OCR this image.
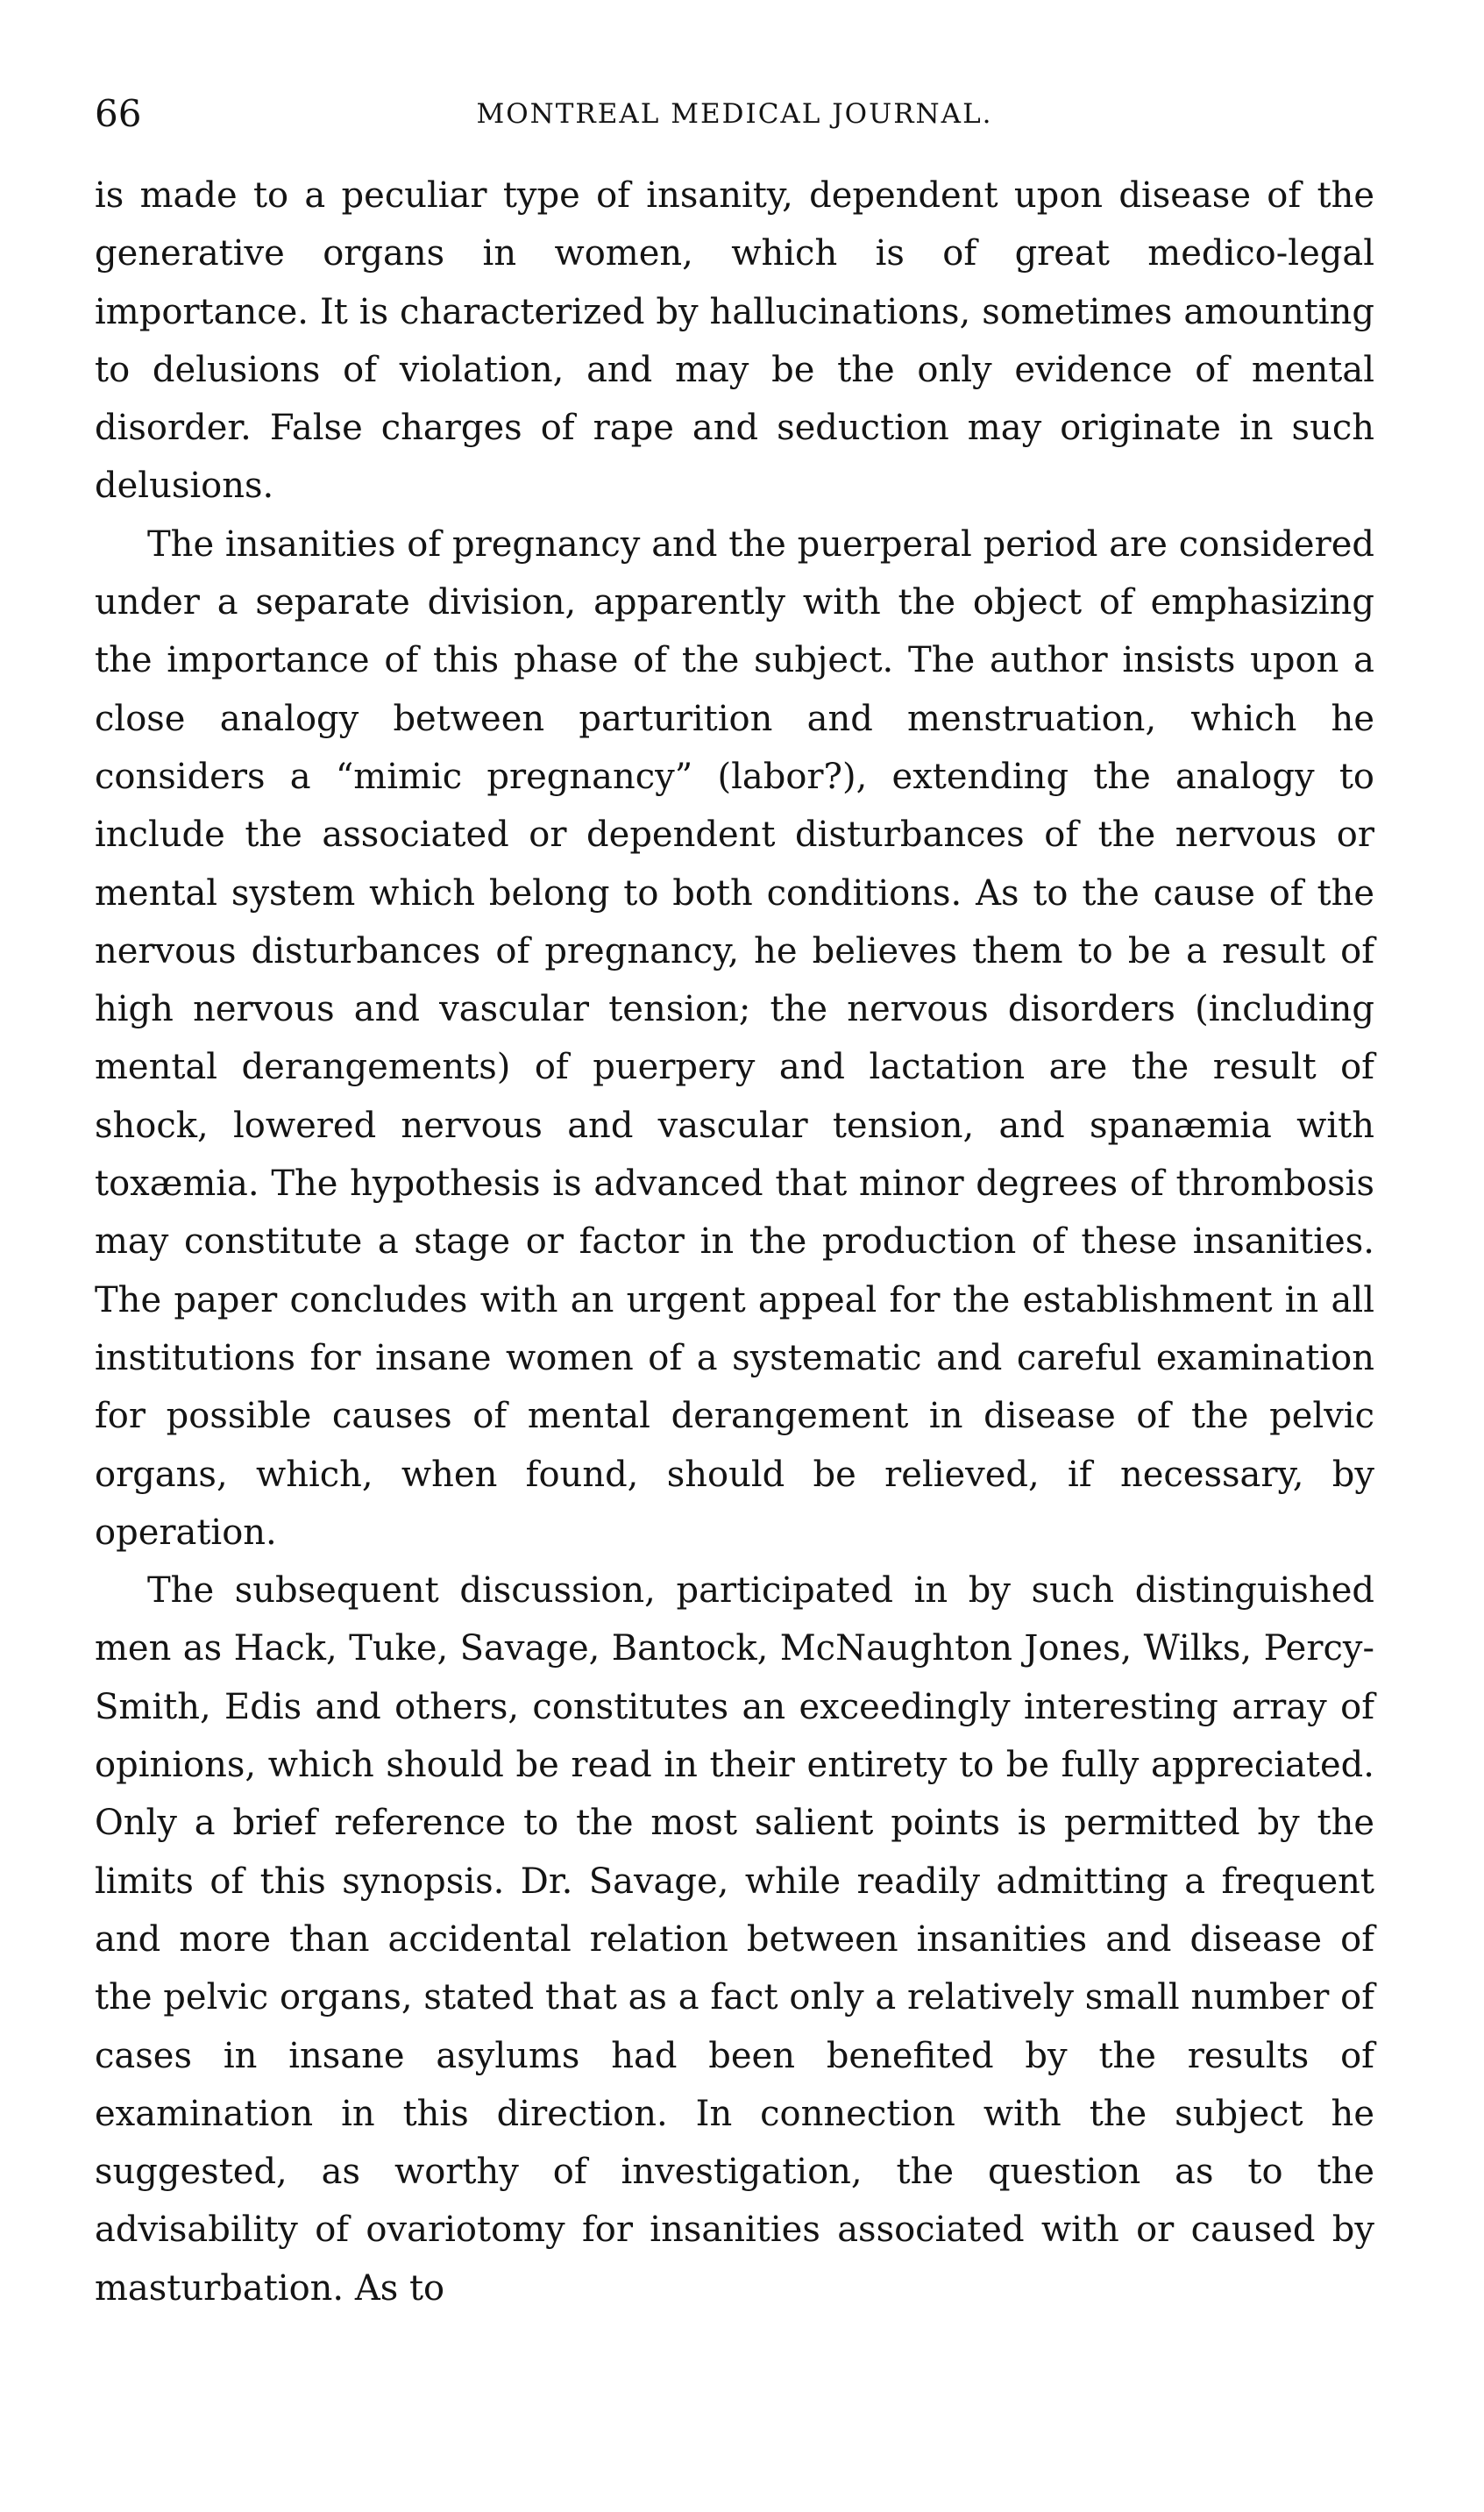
66	MONTREAL MEDICAL JOURNAL.

is made to a peculiar type of insanity, dependent upon disease of the generative organs in women, which is of great medico-legal importance. It is characterized by hallucinations, sometimes amounting to delusions of violation, and may be the only evidence of mental disorder. False charges of rape and seduction may originate in such delusions.

The insanities of pregnancy and the puerperal period are considered under a separate division, apparently with the object of emphasizing the importance of this phase of the subject. The author insists upon a close analogy between parturition and menstruation, which he considers a “mimic pregnancy” (labor?), extending the analogy to include the associated or dependent disturbances of the nervous or mental system which belong to both conditions. As to the cause of the nervous disturbances of pregnancy, he believes them to be a result of high nervous and vascular tension; the nervous disorders (including mental derangements) of puerpery and lactation are the result of shock, lowered nervous and vascular tension, and spanæmia with toxæmia. The hypothesis is advanced that minor degrees of thrombosis may constitute a stage or factor in the production of these insanities. The paper concludes with an urgent appeal for the establishment in all institutions for insane women of a systematic and careful examination for possible causes of mental derangement in disease of the pelvic organs, which, when found, should be relieved, if necessary, by operation.

The subsequent discussion, participated in by such distinguished men as Hack, Tuke, Savage, Bantock, McNaughton Jones, Wilks, Percy-Smith, Edis and others, constitutes an exceedingly interesting array of opinions, which should be read in their entirety to be fully appreciated. Only a brief reference to the most salient points is permitted by the limits of this synopsis. Dr. Savage, while readily admitting a frequent and more than accidental relation between insanities and disease of the pelvic organs, stated that as a fact only a relatively small number of cases in insane asylums had been benefited by the results of examination in this direction. In connection with the subject he suggested, as worthy of investigation, the question as to the advisability of ovariotomy for insanities associated with or caused by masturbation. As to
